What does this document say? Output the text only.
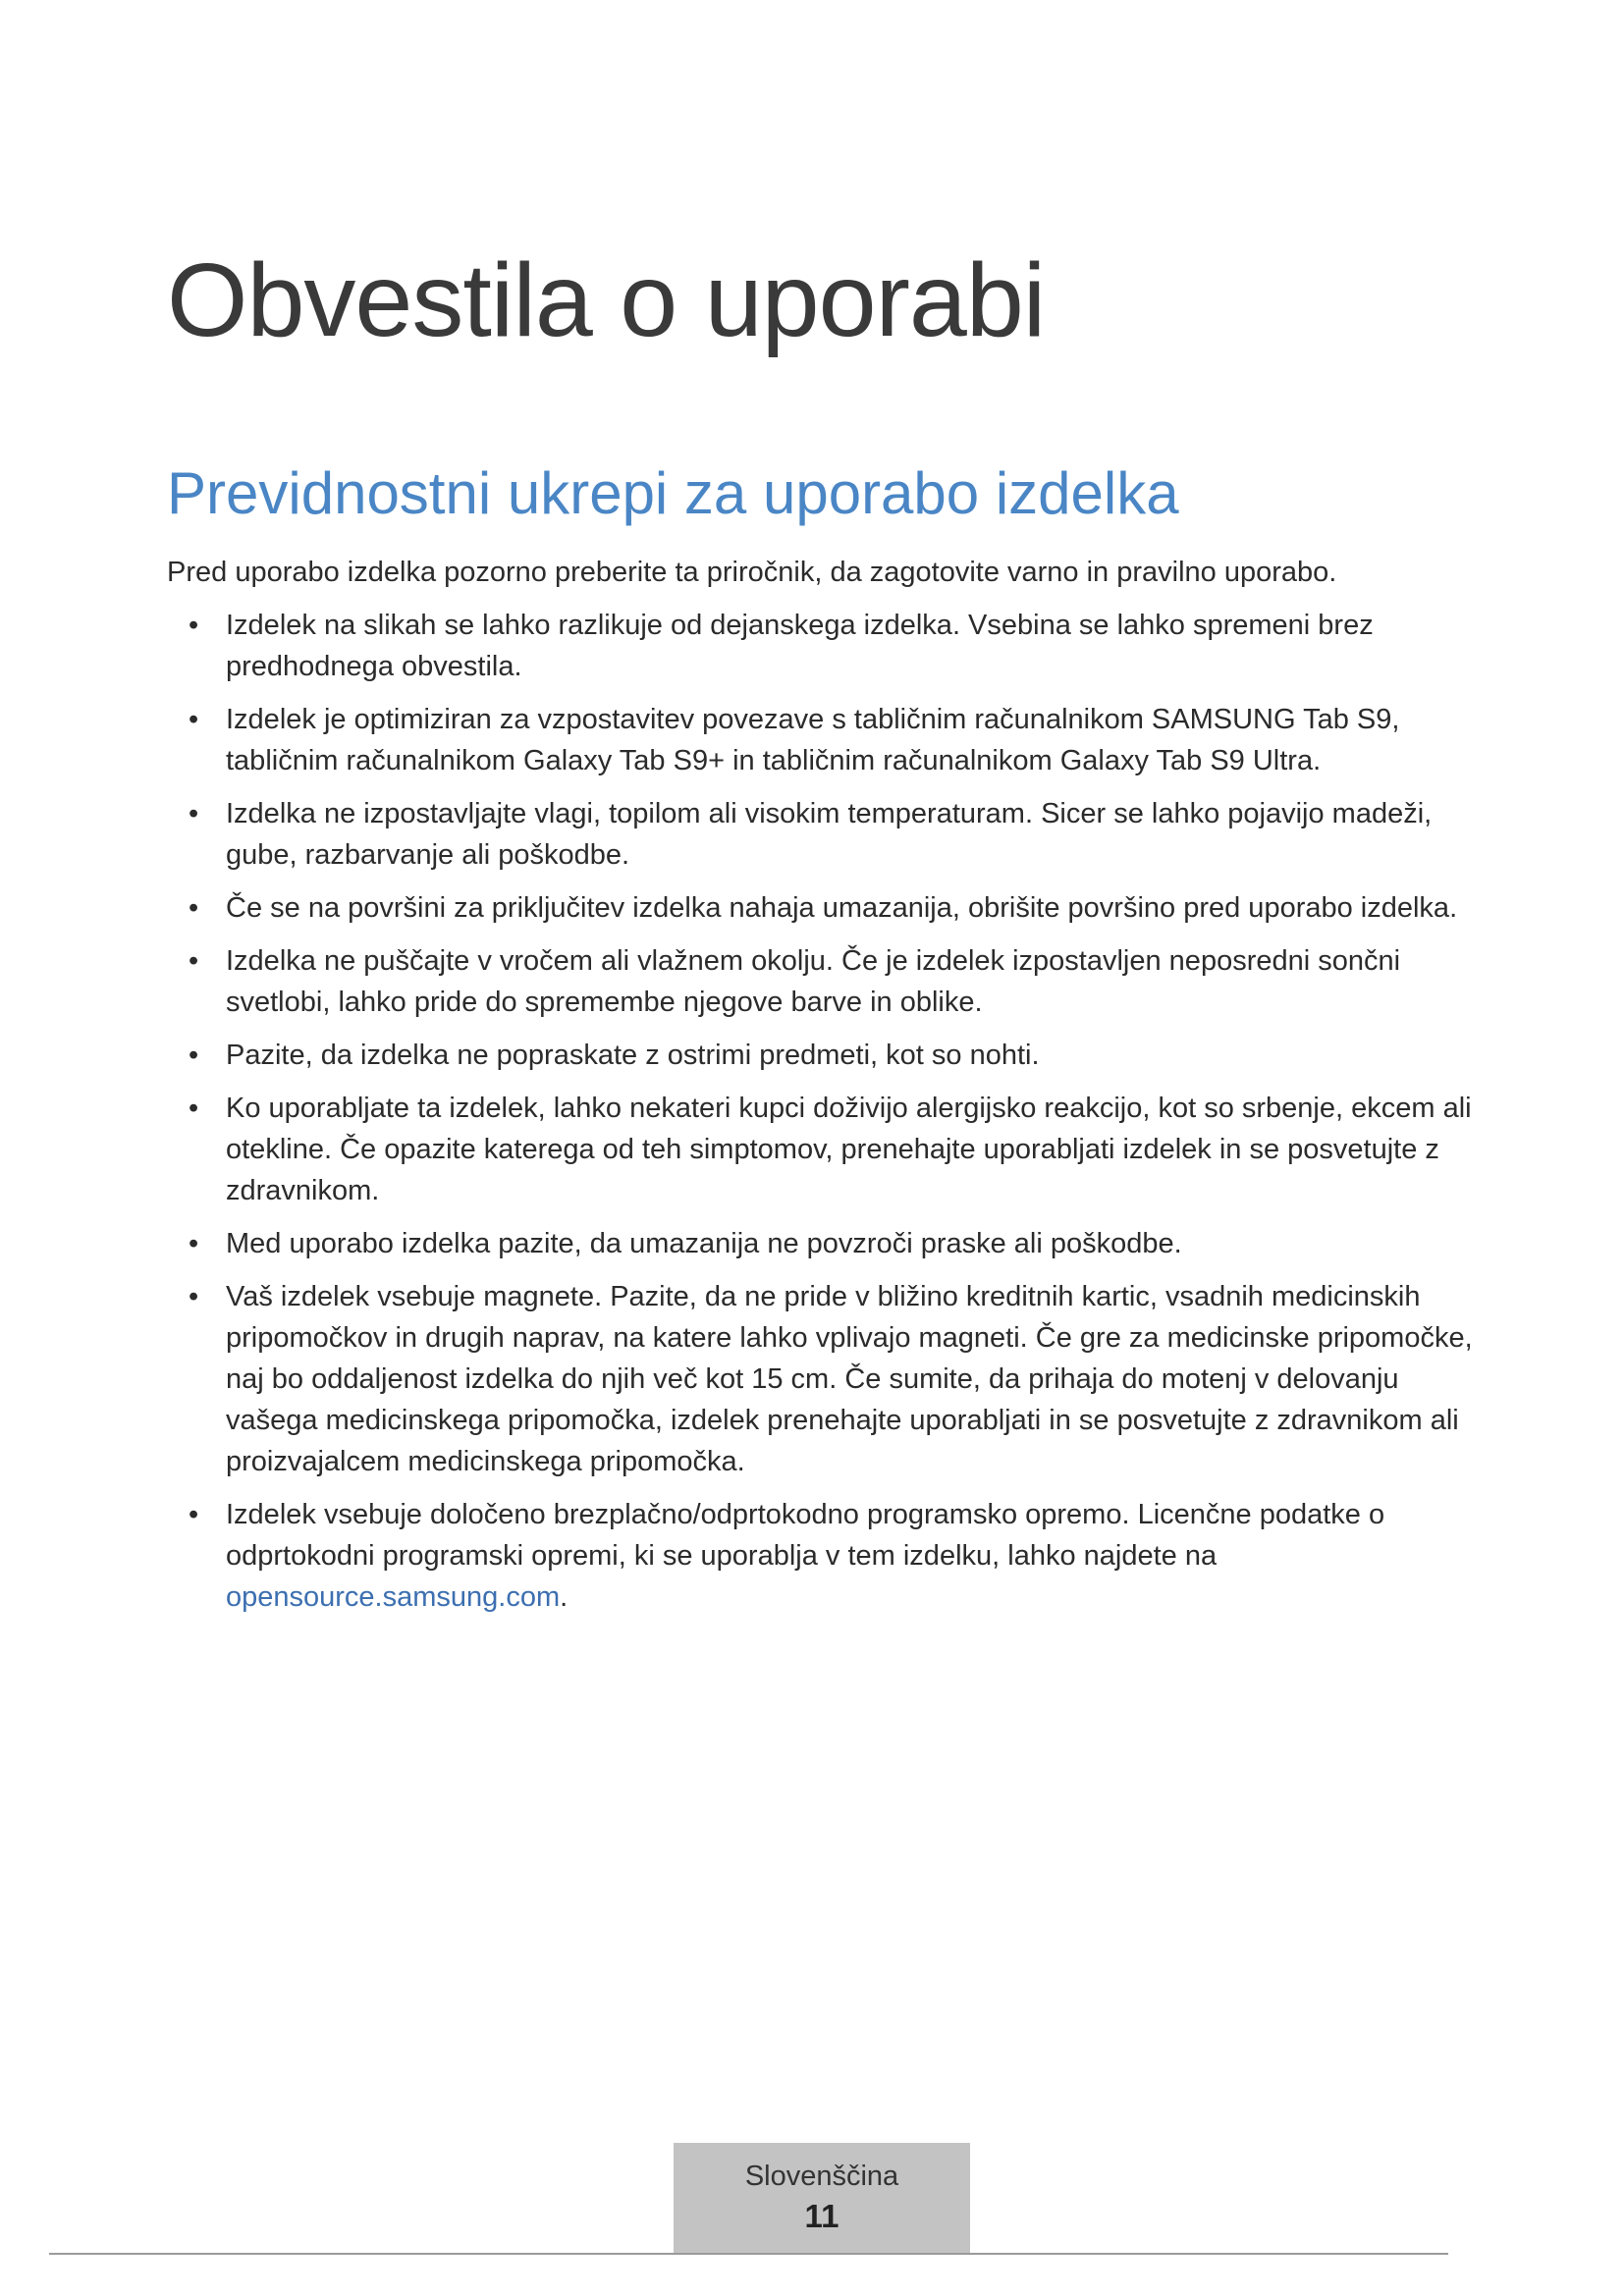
Obvestila o uporabi
Previdnostni ukrepi za uporabo izdelka

Pred uporabo izdelka pozorno preberite ta priročnik, da zagotovite varno in pravilno uporabo.

• Izdelek na slikah se lahko razlikuje od dejanskega izdelka. Vsebina se lahko spremeni brez predhodnega obvestila.
• Izdelek je optimiziran za vzpostavitev povezave s tabličnim računalnikom SAMSUNG Tab S9, tabličnim računalnikom Galaxy Tab S9+ in tabličnim računalnikom Galaxy Tab S9 Ultra.
• Izdelka ne izpostavljajte vlagi, topilom ali visokim temperaturam. Sicer se lahko pojavijo madeži, gube, razbarvanje ali poškodbe.
• Če se na površini za priključitev izdelka nahaja umazanija, obrišite površino pred uporabo izdelka.
• Izdelka ne puščajte v vročem ali vlažnem okolju. Če je izdelek izpostavljen neposredni sončni svetlobi, lahko pride do spremembe njegove barve in oblike.
• Pazite, da izdelka ne popraskate z ostrimi predmeti, kot so nohti.
• Ko uporabljate ta izdelek, lahko nekateri kupci doživijo alergijsko reakcijo, kot so srbenje, ekcem ali otekline. Če opazite katerega od teh simptomov, prenehajte uporabljati izdelek in se posvetujte z zdravnikom.
• Med uporabo izdelka pazite, da umazanija ne povzroči praske ali poškodbe.
• Vaš izdelek vsebuje magnete. Pazite, da ne pride v bližino kreditnih kartic, vsadnih medicinskih pripomočkov in drugih naprav, na katere lahko vplivajo magneti. Če gre za medicinske pripomočke, naj bo oddaljenost izdelka do njih več kot 15 cm. Če sumite, da prihaja do motenj v delovanju vašega medicinskega pripomočka, izdelek prenehajte uporabljati in se posvetujte z zdravnikom ali proizvajalcem medicinskega pripomočka.
• Izdelek vsebuje določeno brezplačno/odprtokodno programsko opremo. Licenčne podatke o odprtokodni programski opremi, ki se uporablja v tem izdelku, lahko najdete na opensource.samsung.com.
Slovenščina
11
